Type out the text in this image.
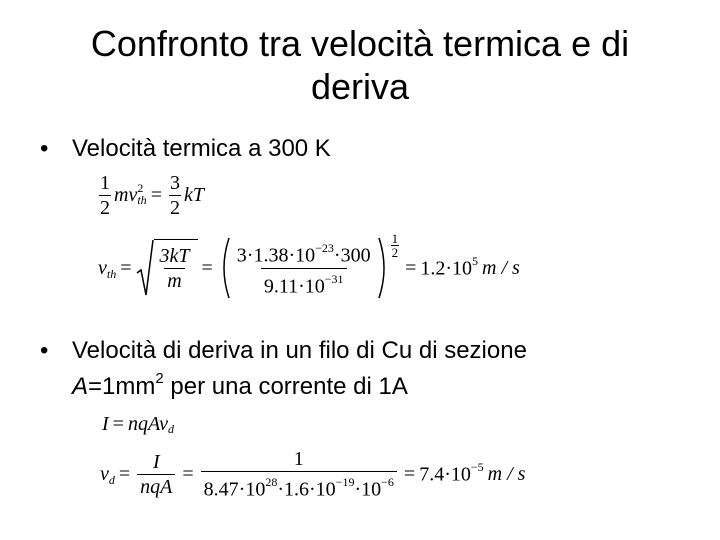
Confronto tra velocità termica e di
deriva
• Velocità termica a 300 K
$\frac{1}{2}$ m v 2
th = $\frac{3}{2}$ kT
$v_{th} = \frac{3kT}{m} = \frac{3\cdot 1.38\cdot 10^{-23}\cdot 300}{9.11\cdot 10^{-31}} \frac{1}{2}$
= $1.2\cdot 10^5$ m / s
• Velocità di deriva in un filo di Cu di sezione
$A=1mm^2$ per una corrente di 1A
I = nqAv$_d$
$v_d = \frac{I}{\text{nqA}} = \frac{1}{8.47\cdot 10^{28}\cdot 1.6\cdot 10^{-19}\cdot 10^{-6}} = 7.4\cdot 10^{-5}$ m / s
